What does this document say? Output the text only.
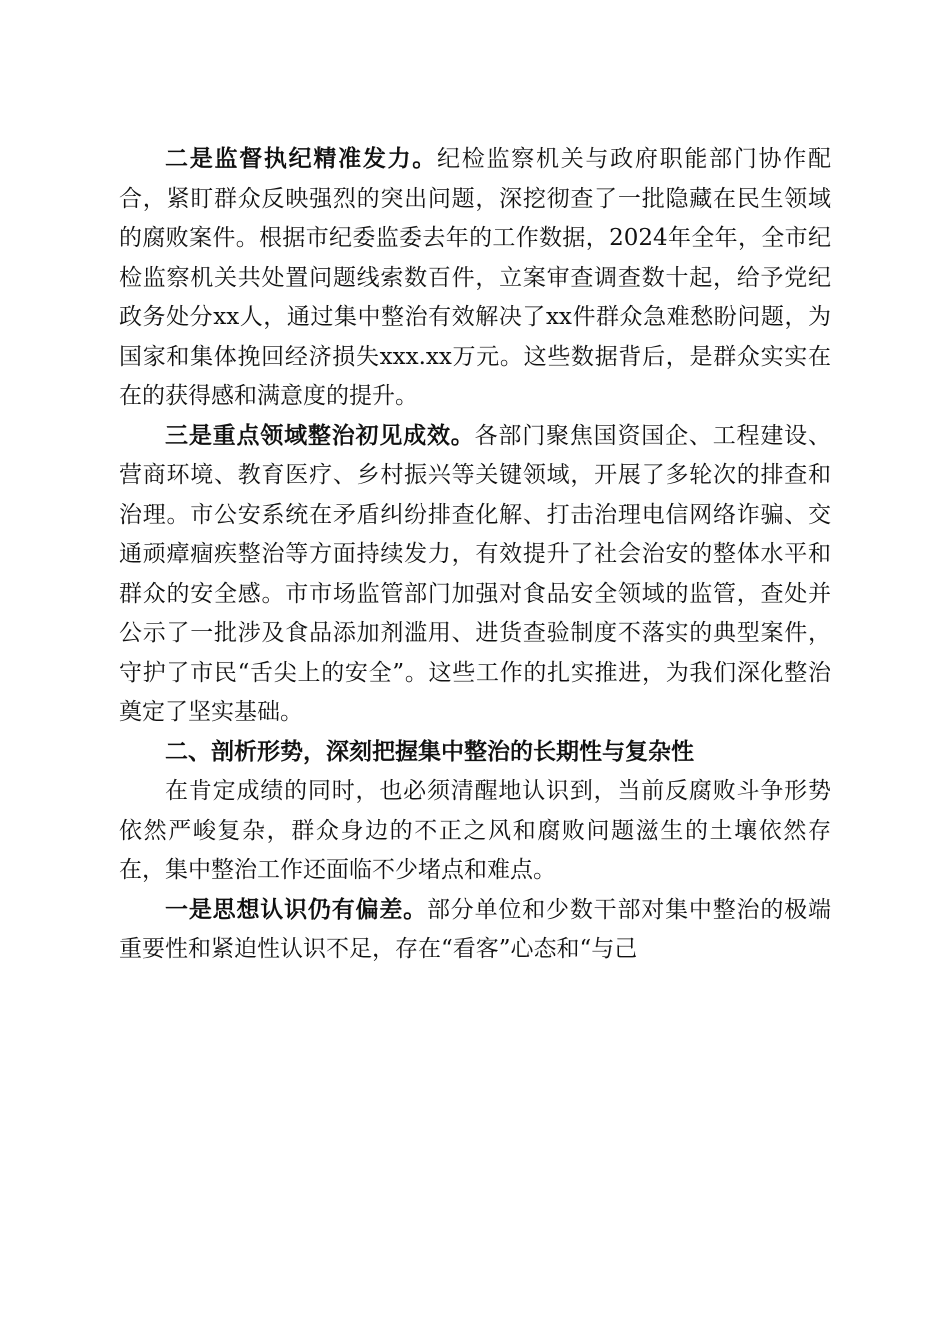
二是监督执纪精准发力。纪检监察机关与政府职能部门协作配合，紧盯群众反映强烈的突出问题，深挖彻查了一批隐藏在民生领域的腐败案件。根据市纪委监委去年的工作数据，2024年全年，全市纪检监察机关共处置问题线索数百件，立案审查调查数十起，给予党纪政务处分xx人，通过集中整治有效解决了xx件群众急难愁盼问题，为国家和集体挽回经济损失xxx.xx万元。这些数据背后，是群众实实在在的获得感和满意度的提升。

三是重点领域整治初见成效。各部门聚焦国资国企、工程建设、营商环境、教育医疗、乡村振兴等关键领域，开展了多轮次的排查和治理。市公安系统在矛盾纠纷排查化解、打击治理电信网络诈骗、交通顽瘴痼疾整治等方面持续发力，有效提升了社会治安的整体水平和群众的安全感。市市场监管部门加强对食品安全领域的监管，查处并公示了一批涉及食品添加剂滥用、进货查验制度不落实的典型案件，守护了市民“舌尖上的安全”。这些工作的扎实推进，为我们深化整治奠定了坚实基础。

二、剖析形势，深刻把握集中整治的长期性与复杂性

在肯定成绩的同时，也必须清醒地认识到，当前反腐败斗争形势依然严峻复杂，群众身边的不正之风和腐败问题滋生的土壤依然存在，集中整治工作还面临不少堵点和难点。

一是思想认识仍有偏差。部分单位和少数干部对集中整治的极端重要性和紧迫性认识不足，存在“看客”心态和“与己
